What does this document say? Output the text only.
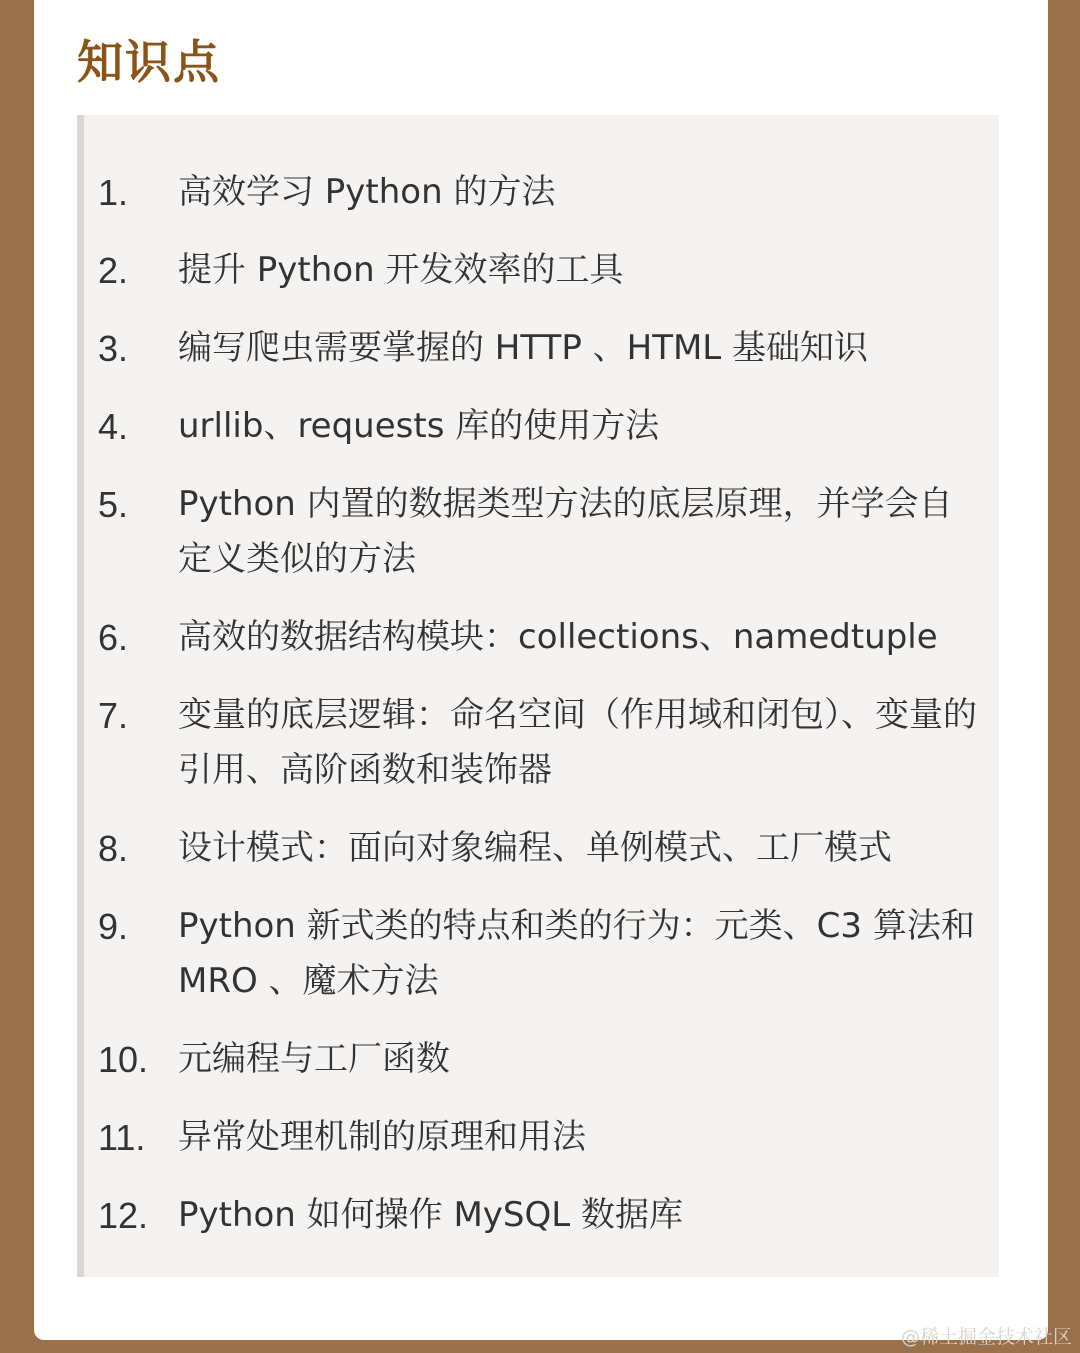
知识点
1. 高效学习 Python 的方法
2. 提升 Python 开发效率的工具
3. 编写爬虫需要掌握的 HTTP 、HTML 基础知识
4. urllib、requests 库的使用方法
5. Python 内置的数据类型方法的底层原理，并学会自定义类似的方法
6. 高效的数据结构模块：collections、namedtuple
7. 变量的底层逻辑：命名空间（作用域和闭包）、变量的引用、高阶函数和装饰器
8. 设计模式：面向对象编程、单例模式、工厂模式
9. Python 新式类的特点和类的行为：元类、C3 算法和 MRO 、魔术方法
10. 元编程与工厂函数
11. 异常处理机制的原理和用法
12. Python 如何操作 MySQL 数据库
@稀土掘金技术社区
